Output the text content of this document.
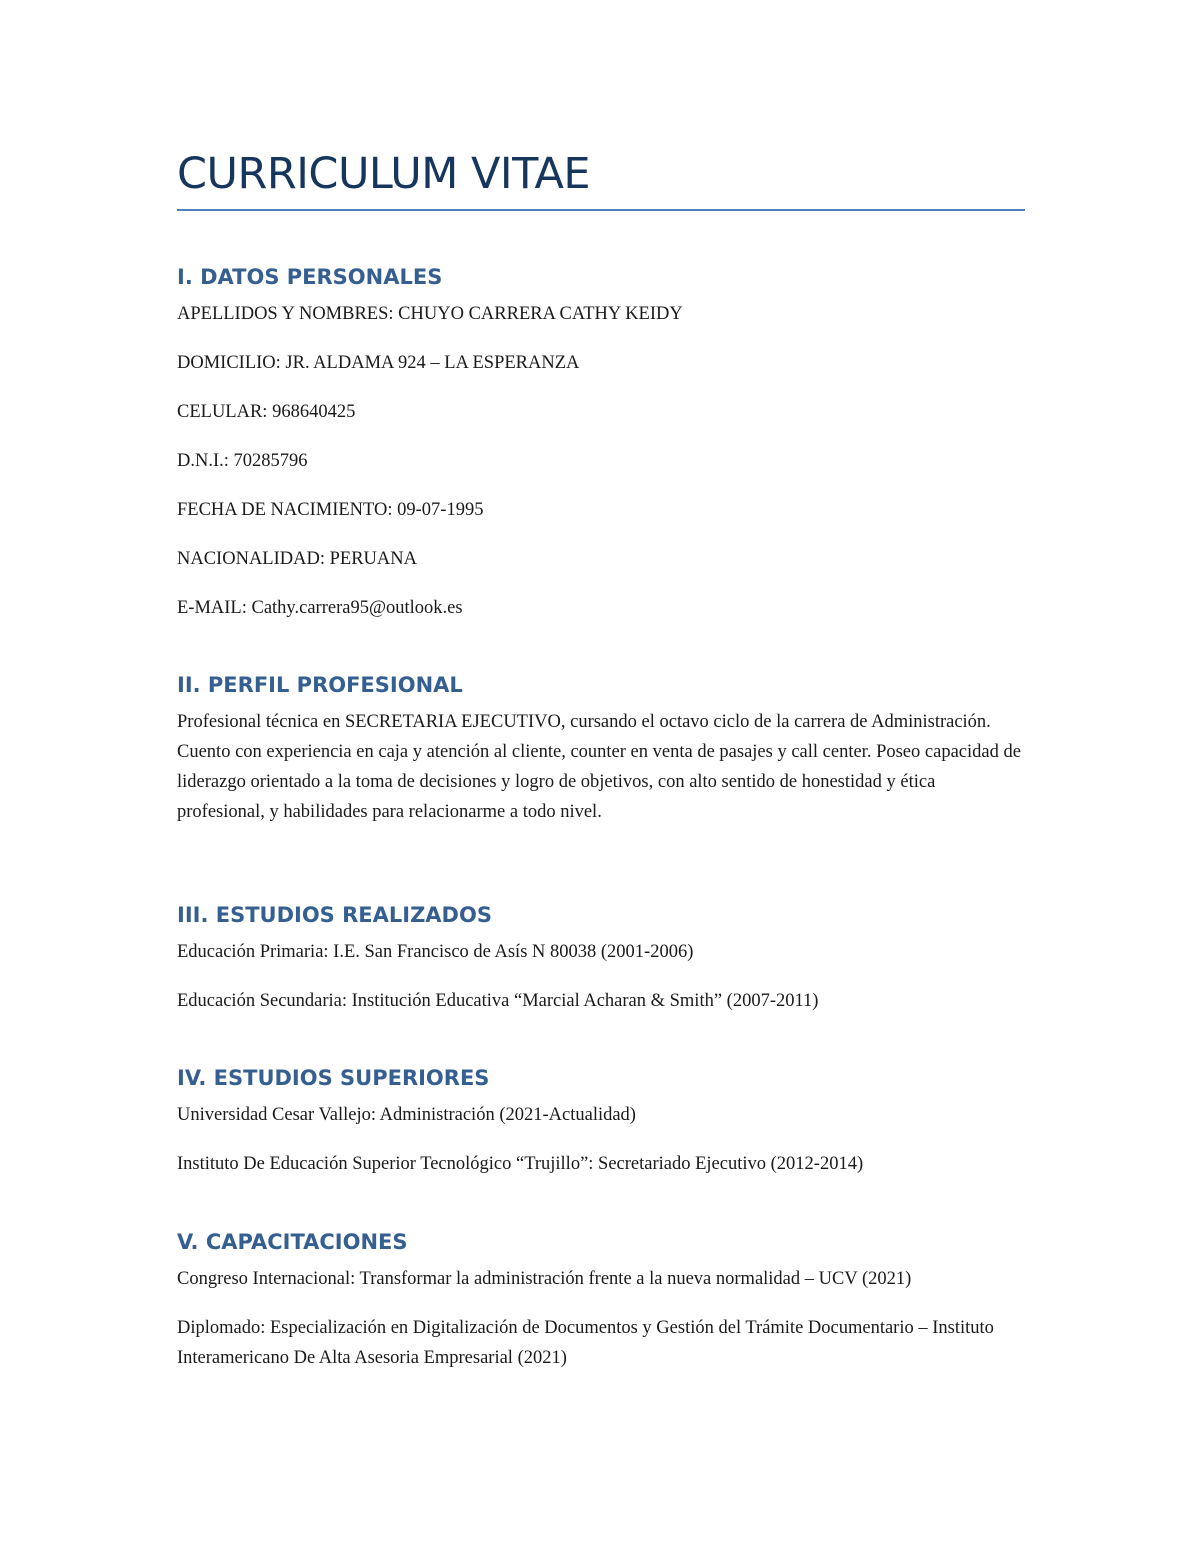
CURRICULUM VITAE
I. DATOS PERSONALES

APELLIDOS Y NOMBRES: CHUYO CARRERA CATHY KEIDY

DOMICILIO: JR. ALDAMA 924 – LA ESPERANZA

CELULAR: 968640425

D.N.I.: 70285796

FECHA DE NACIMIENTO: 09-07-1995

NACIONALIDAD: PERUANA

E-MAIL: Cathy.carrera95@outlook.es

II. PERFIL PROFESIONAL

Profesional técnica en SECRETARIA EJECUTIVO, cursando el octavo ciclo de la carrera de Administración. Cuento con experiencia en caja y atención al cliente, counter en venta de pasajes y call center. Poseo capacidad de liderazgo orientado a la toma de decisiones y logro de objetivos, con alto sentido de honestidad y ética profesional, y habilidades para relacionarme a todo nivel.

III. ESTUDIOS REALIZADOS

Educación Primaria: I.E. San Francisco de Asís N 80038 (2001-2006)

Educación Secundaria: Institución Educativa “Marcial Acharan & Smith” (2007-2011)

IV. ESTUDIOS SUPERIORES

Universidad Cesar Vallejo: Administración (2021-Actualidad)

Instituto De Educación Superior Tecnológico “Trujillo”: Secretariado Ejecutivo (2012-2014)

V. CAPACITACIONES

Congreso Internacional: Transformar la administración frente a la nueva normalidad – UCV (2021)

Diplomado: Especialización en Digitalización de Documentos y Gestión del Trámite Documentario – Instituto Interamericano De Alta Asesoria Empresarial (2021)
